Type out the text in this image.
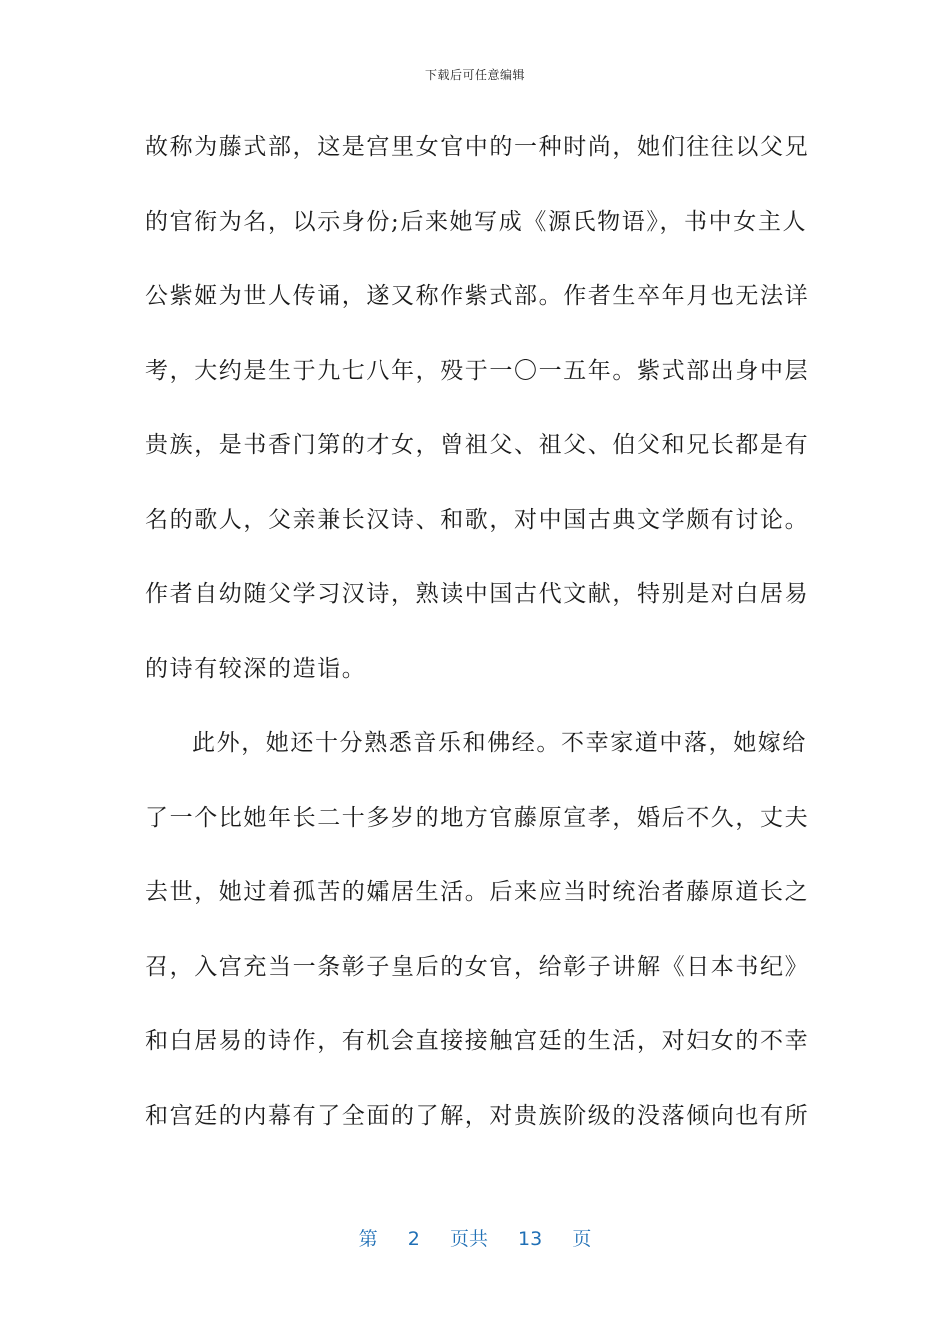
下载后可任意编辑
故称为藤式部，这是宫里女官中的一种时尚，她们往往以父兄
的官衔为名，以示身份;后来她写成《源氏物语》，书中女主人
公紫姬为世人传诵，遂又称作紫式部。作者生卒年月也无法详
考，大约是生于九七八年，殁于一〇一五年。紫式部出身中层
贵族，是书香门第的才女，曾祖父、祖父、伯父和兄长都是有
名的歌人，父亲兼长汉诗、和歌，对中国古典文学颇有讨论。
作者自幼随父学习汉诗，熟读中国古代文献，特别是对白居易
的诗有较深的造诣。
此外，她还十分熟悉音乐和佛经。不幸家道中落，她嫁给
了一个比她年长二十多岁的地方官藤原宣孝，婚后不久，丈夫
去世，她过着孤苦的孀居生活。后来应当时统治者藤原道长之
召，入宫充当一条彰子皇后的女官，给彰子讲解《日本书纪》
和白居易的诗作，有机会直接接触宫廷的生活，对妇女的不幸
和宫廷的内幕有了全面的了解，对贵族阶级的没落倾向也有所
第 2 页共 13 页
